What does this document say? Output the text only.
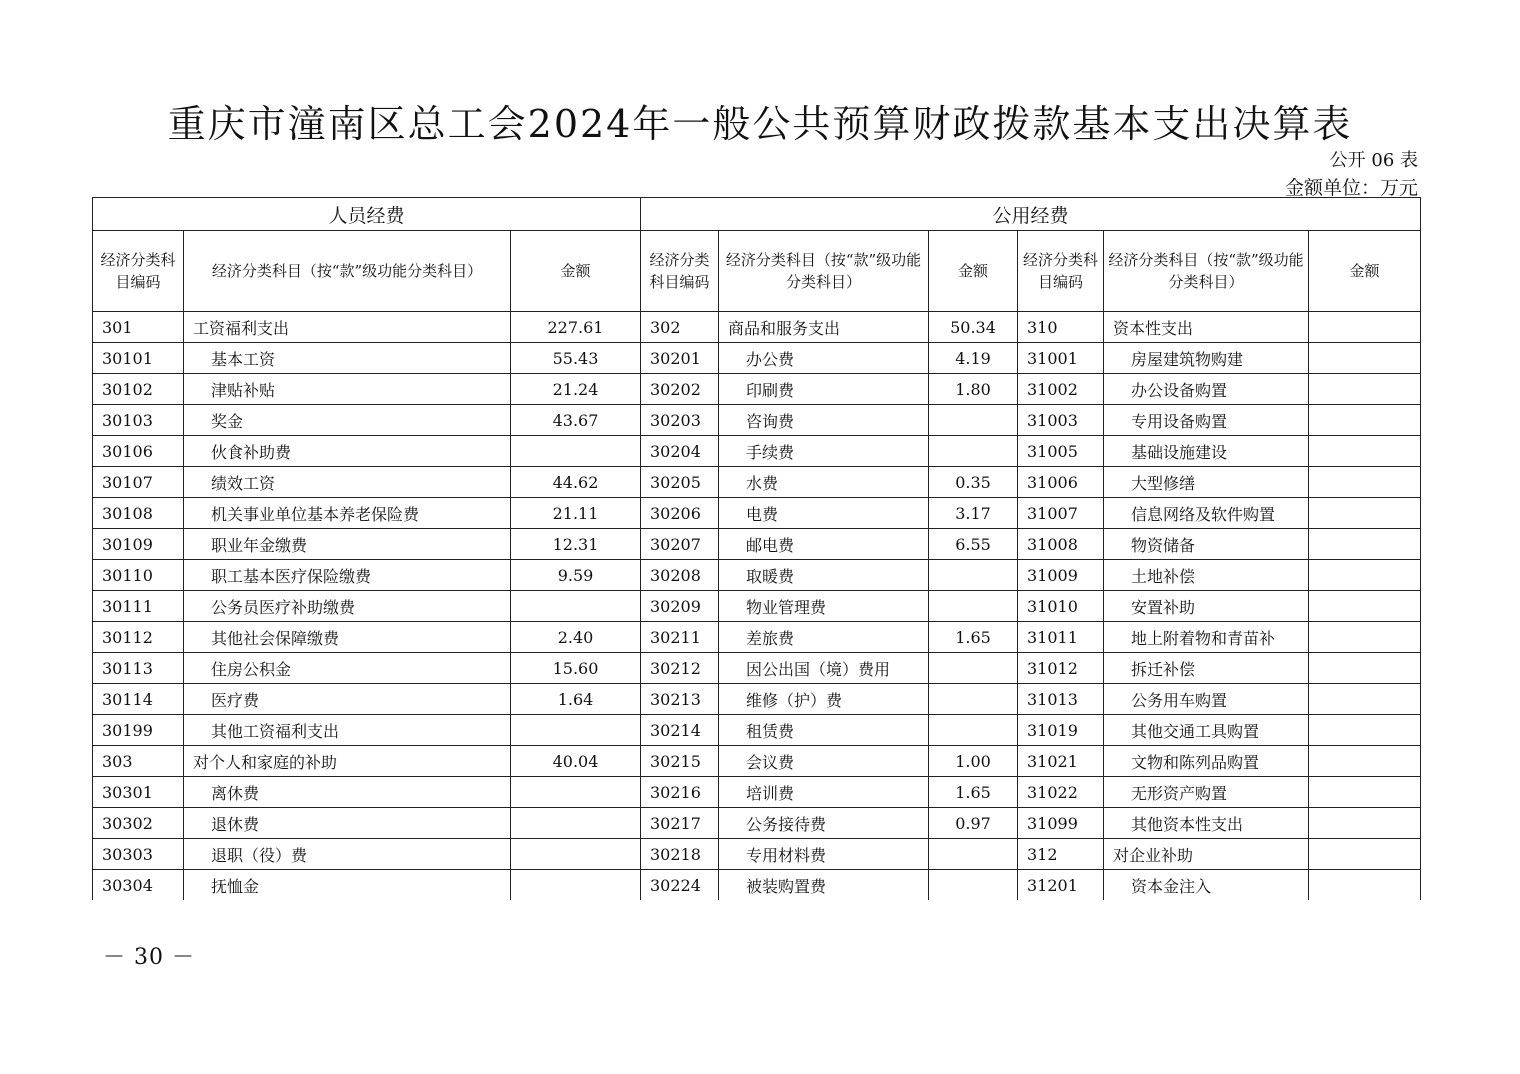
重庆市潼南区总工会2024年一般公共预算财政拨款基本支出决算表
公开 06 表
金额单位：万元
人员经费			公用经费					
经济分类科目编码	经济分类科目（按“款”级功能分类科目）	金额	经济分类科目编码	经济分类科目（按“款”级功能分类科目）	金额	经济分类科目编码	经济分类科目（按“款”级功能分类科目）	金额
301	工资福利支出	227.61	302	商品和服务支出	50.34	310	资本性支出	
30101	基本工资	55.43	30201	办公费	4.19	31001	房屋建筑物购建	
30102	津贴补贴	21.24	30202	印刷费	1.80	31002	办公设备购置	
30103	奖金	43.67	30203	咨询费		31003	专用设备购置	
30106	伙食补助费		30204	手续费		31005	基础设施建设	
30107	绩效工资	44.62	30205	水费	0.35	31006	大型修缮	
30108	机关事业单位基本养老保险费	21.11	30206	电费	3.17	31007	信息网络及软件购置	
30109	职业年金缴费	12.31	30207	邮电费	6.55	31008	物资储备	
30110	职工基本医疗保险缴费	9.59	30208	取暖费		31009	土地补偿	
30111	公务员医疗补助缴费		30209	物业管理费		31010	安置补助	
30112	其他社会保障缴费	2.40	30211	差旅费	1.65	31011	地上附着物和青苗补	
30113	住房公积金	15.60	30212	因公出国（境）费用		31012	拆迁补偿	
30114	医疗费	1.64	30213	维修（护）费		31013	公务用车购置	
30199	其他工资福利支出		30214	租赁费		31019	其他交通工具购置	
303	对个人和家庭的补助	40.04	30215	会议费	1.00	31021	文物和陈列品购置	
30301	离休费		30216	培训费	1.65	31022	无形资产购置	
30302	退休费		30217	公务接待费	0.97	31099	其他资本性支出	
30303	退职（役）费		30218	专用材料费		312	对企业补助	
30304	抚恤金		30224	被装购置费		31201	资本金注入	
－ 30 －
